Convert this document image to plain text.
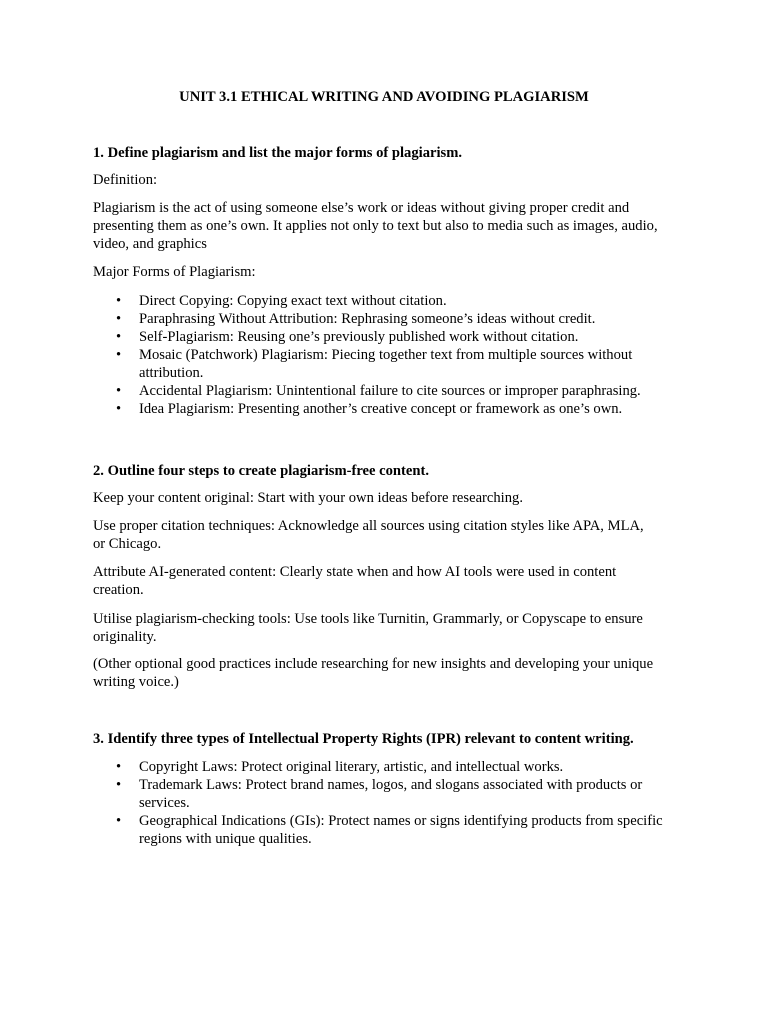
UNIT 3.1 ETHICAL WRITING AND AVOIDING PLAGIARISM
1. Define plagiarism and list the major forms of plagiarism.
Definition:
Plagiarism is the act of using someone else’s work or ideas without giving proper credit and presenting them as one’s own. It applies not only to text but also to media such as images, audio, video, and graphics
Major Forms of Plagiarism:
• Direct Copying: Copying exact text without citation.
• Paraphrasing Without Attribution: Rephrasing someone’s ideas without credit.
• Self-Plagiarism: Reusing one’s previously published work without citation.
• Mosaic (Patchwork) Plagiarism: Piecing together text from multiple sources without attribution.
• Accidental Plagiarism: Unintentional failure to cite sources or improper paraphrasing.
• Idea Plagiarism: Presenting another’s creative concept or framework as one’s own.
2. Outline four steps to create plagiarism-free content.
Keep your content original: Start with your own ideas before researching.
Use proper citation techniques: Acknowledge all sources using citation styles like APA, MLA, or Chicago.
Attribute AI-generated content: Clearly state when and how AI tools were used in content creation.
Utilise plagiarism-checking tools: Use tools like Turnitin, Grammarly, or Copyscape to ensure originality.
(Other optional good practices include researching for new insights and developing your unique writing voice.)
3. Identify three types of Intellectual Property Rights (IPR) relevant to content writing.
• Copyright Laws: Protect original literary, artistic, and intellectual works.
• Trademark Laws: Protect brand names, logos, and slogans associated with products or services.
• Geographical Indications (GIs): Protect names or signs identifying products from specific regions with unique qualities.
